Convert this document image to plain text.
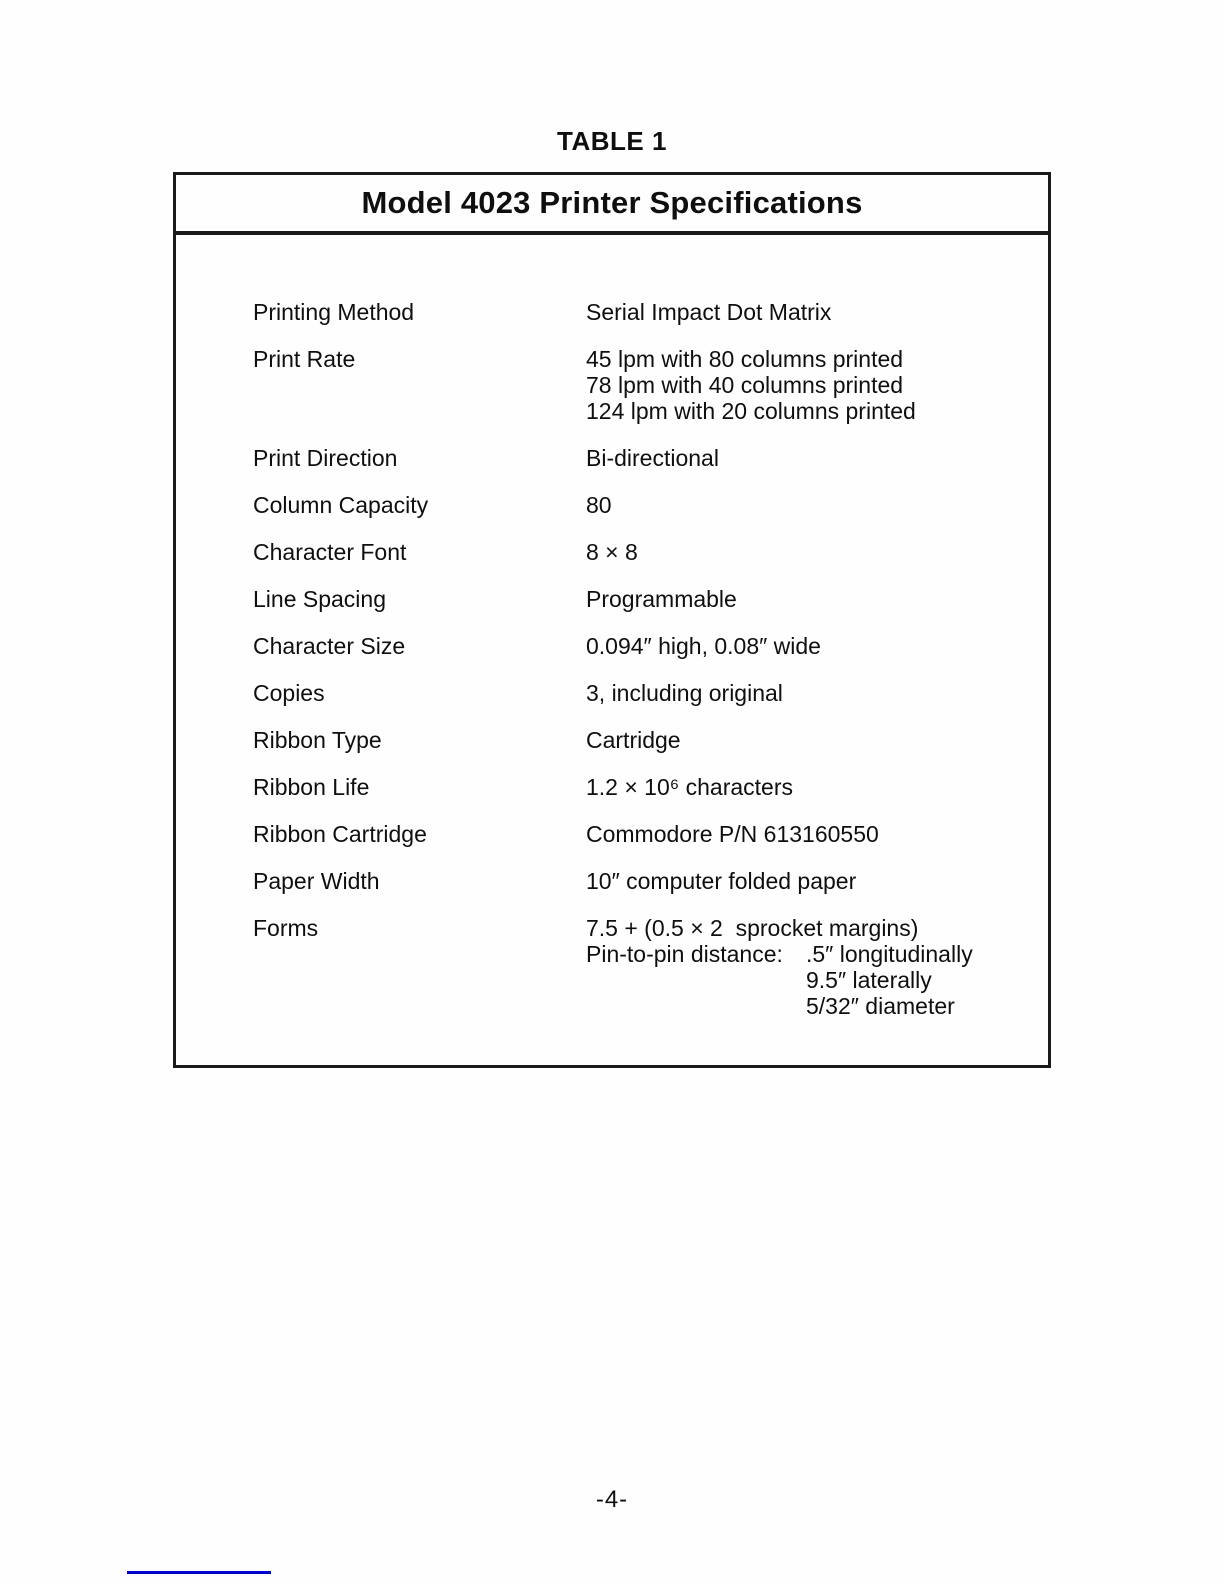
TABLE 1
Model 4023 Printer Specifications
Printing Method	Serial Impact Dot Matrix
Print Rate	45 lpm with 80 columns printed
78 lpm with 40 columns printed
124 lpm with 20 columns printed
Print Direction	Bi-directional
Column Capacity	80
Character Font	8 × 8
Line Spacing	Programmable
Character Size	0.094″ high, 0.08″ wide
Copies	3, including original
Ribbon Type	Cartridge
Ribbon Life	1.2 × 10⁶ characters
Ribbon Cartridge	Commodore P/N 613160550
Paper Width	10″ computer folded paper
Forms	7.5 + (0.5 × 2  sprocket margins)
Pin-to-pin distance:	.5″ longitudinally
9.5″ laterally
5/32″ diameter
-4-
